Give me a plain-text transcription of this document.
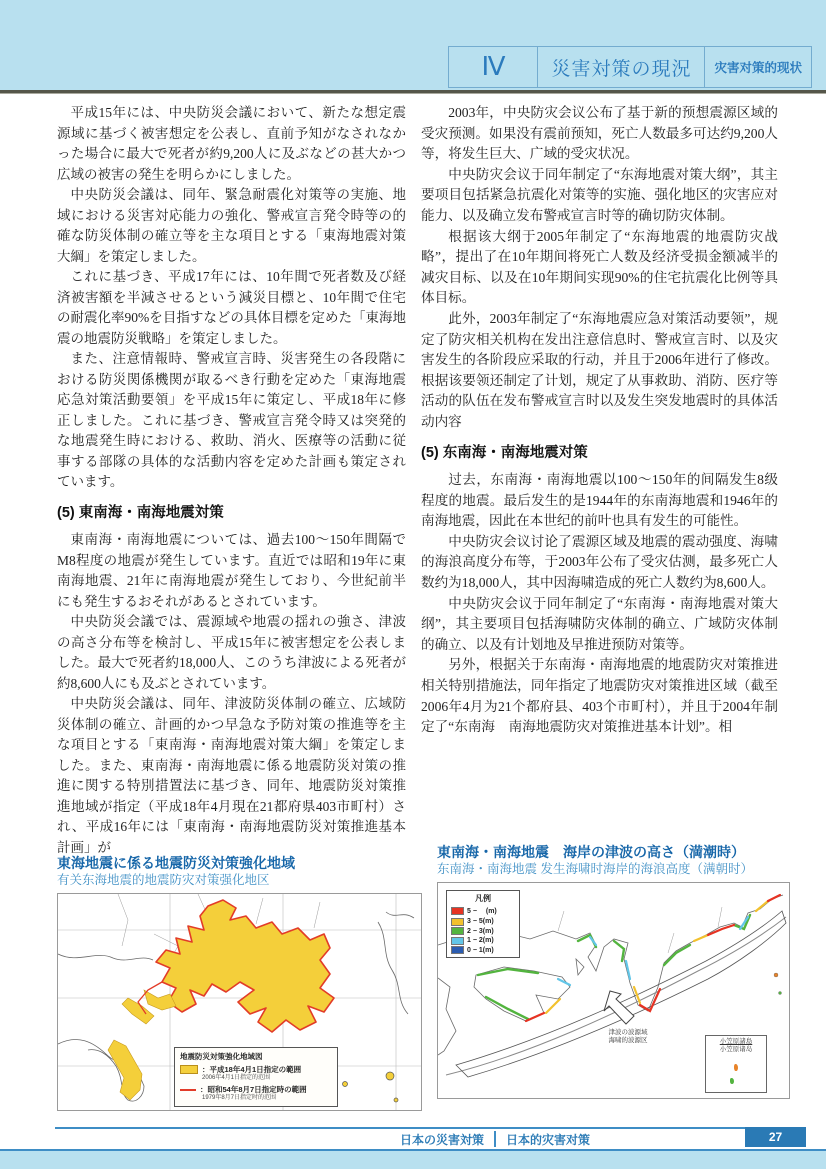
Ⅳ	災害対策の現況	灾害对策的现状

平成15年には、中央防災会議において、新たな想定震源域に基づく被害想定を公表し、直前予知がなされなかった場合に最大で死者が約9,200人に及ぶなどの甚大かつ広域の被害の発生を明らかにしました。

中央防災会議は、同年、緊急耐震化対策等の実施、地域における災害対応能力の強化、警戒宣言発令時等の的確な防災体制の確立等を主な項目とする「東海地震対策大綱」を策定しました。

これに基づき、平成17年には、10年間で死者数及び経済被害額を半減させるという減災目標と、10年間で住宅の耐震化率90%を目指すなどの具体目標を定めた「東海地震の地震防災戦略」を策定しました。

また、注意情報時、警戒宣言時、災害発生の各段階における防災関係機関が取るべき行動を定めた「東海地震応急対策活動要領」を平成15年に策定し、平成18年に修正しました。これに基づき、警戒宣言発令時又は突発的な地震発生時における、救助、消火、医療等の活動に従事する部隊の具体的な活動内容を定めた計画も策定されています。

(5) 東南海・南海地震対策

東南海・南海地震については、過去100～150年間隔でM8程度の地震が発生しています。直近では昭和19年に東南海地震、21年に南海地震が発生しており、今世紀前半にも発生するおそれがあるとされています。

中央防災会議では、震源域や地震の揺れの強さ、津波の高さ分布等を検討し、平成15年に被害想定を公表しました。最大で死者約18,000人、このうち津波による死者が約8,600人にも及ぶとされています。

中央防災会議は、同年、津波防災体制の確立、広域防災体制の確立、計画的かつ早急な予防対策の推進等を主な項目とする「東南海・南海地震対策大綱」を策定しました。また、東南海・南海地震に係る地震防災対策の推進に関する特別措置法に基づき、同年、地震防災対策推進地域が指定（平成18年4月現在21都府県403市町村）され、平成16年には「東南海・南海地震防災対策推進基本計画」が

2003年，中央防灾会议公布了基于新的预想震源区域的受灾预测。如果没有震前预知，死亡人数最多可达约9,200人等，将发生巨大、广域的受灾状况。

中央防灾会议于同年制定了“东海地震对策大纲”，其主要项目包括紧急抗震化对策等的实施、强化地区的灾害应对能力、以及确立发布警戒宣言时等的确切防灾体制。

根据该大纲于2005年制定了“东海地震的地震防灾战略”，提出了在10年期间将死亡人数及经济受损金额减半的减灾目标、以及在10年期间实现90%的住宅抗震化比例等具体目标。

此外，2003年制定了“东海地震应急对策活动要领”，规定了防灾相关机构在发出注意信息时、警戒宣言时、以及灾害发生的各阶段应采取的行动，并且于2006年进行了修改。根据该要领还制定了计划，规定了从事救助、消防、医疗等活动的队伍在发布警戒宣言时以及发生突发地震时的具体活动内容

(5) 东南海・南海地震对策

过去，东南海・南海地震以100～150年的间隔发生8级程度的地震。最后发生的是1944年的东南海地震和1946年的南海地震，因此在本世纪的前叶也具有发生的可能性。

中央防灾会议讨论了震源区域及地震的震动强度、海啸的海浪高度分布等，于2003年公布了受灾估测，最多死亡人数约为18,000人，其中因海啸造成的死亡人数约为8,600人。

中央防灾会议于同年制定了“东南海・南海地震对策大纲”，其主要项目包括海啸防灾体制的确立、广域防灾体制的确立、以及有计划地及早推进预防对策等。

另外，根据关于东南海・南海地震的地震防灾对策推进相关特别措施法，同年指定了地震防灾对策推进区域（截至2006年4月为21个都府县、403个市町村），并且于2004年制定了“东南海　南海地震防灾对策推进基本计划”。相

東海地震に係る地震防災対策強化地域
有关东海地震的地震防灾对策强化地区
地震防災対策強化地域図
：平成18年4月1日指定の範囲
2006年4月1日指定的范围
：昭和54年8月7日指定時の範囲
1979年8月7日指定时的范围
東南海・南海地震　海岸の津波の高さ（満潮時）
东南海・南海地震 发生海啸时海岸的海浪高度（满朝时）
凡例
5 −　 (m)
3 − 5(m)
2 − 3(m)
1 − 2(m)
0 − 1(m)
津波の波源域
海啸的波源区	小笠原諸島
小笠原诸岛
日本の災害対策 日本的灾害对策	27
